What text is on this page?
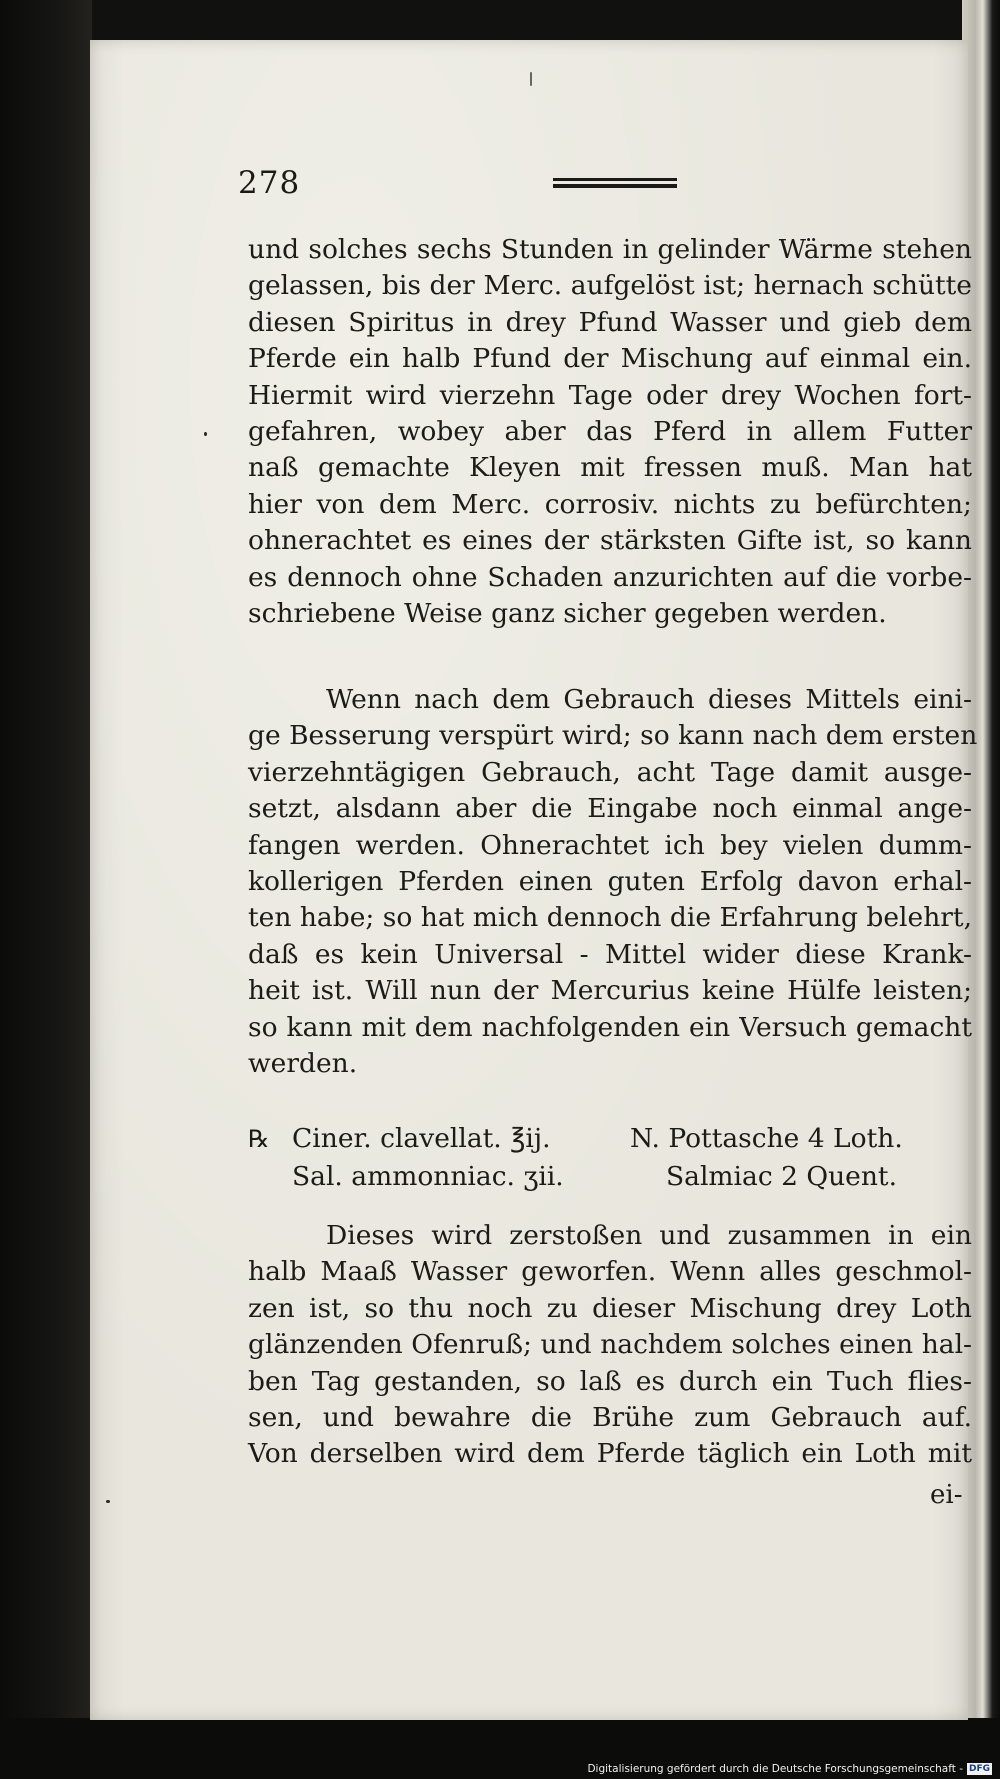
278
und solches sechs Stunden in gelinder Wärme stehen
gelassen, bis der Merc. aufgelöst ist; hernach schütte
diesen Spiritus in drey Pfund Wasser und gieb dem
Pferde ein halb Pfund der Mischung auf einmal ein.
Hiermit wird vierzehn Tage oder drey Wochen fort-
gefahren, wobey aber das Pferd in allem Futter
naß gemachte Kleyen mit fressen muß. Man hat
hier von dem Merc. corrosiv. nichts zu befürchten;
ohnerachtet es eines der stärksten Gifte ist, so kann
es dennoch ohne Schaden anzurichten auf die vorbe-
schriebene Weise ganz sicher gegeben werden.
Wenn nach dem Gebrauch dieses Mittels eini-
ge Besserung verspürt wird; so kann nach dem ersten
vierzehntägigen Gebrauch, acht Tage damit ausge-
setzt, alsdann aber die Eingabe noch einmal ange-
fangen werden. Ohnerachtet ich bey vielen dumm-
kollerigen Pferden einen guten Erfolg davon erhal-
ten habe; so hat mich dennoch die Erfahrung belehrt,
daß es kein Universal - Mittel wider diese Krank-
heit ist. Will nun der Mercurius keine Hülfe leisten;
so kann mit dem nachfolgenden ein Versuch gemacht
werden.
℞ Ciner. clavellat. ℥ij.	N. Pottasche 4 Loth.
Sal. ammonniac. ʒii.	Salmiac 2 Quent.
Dieses wird zerstoßen und zusammen in ein
halb Maaß Wasser geworfen. Wenn alles geschmol-
zen ist, so thu noch zu dieser Mischung drey Loth
glänzenden Ofenruß; und nachdem solches einen hal-
ben Tag gestanden, so laß es durch ein Tuch flies-
sen, und bewahre die Brühe zum Gebrauch auf.
Von derselben wird dem Pferde täglich ein Loth mit
ei-
Digitalisierung gefördert durch die Deutsche Forschungsgemeinschaft - DFG
